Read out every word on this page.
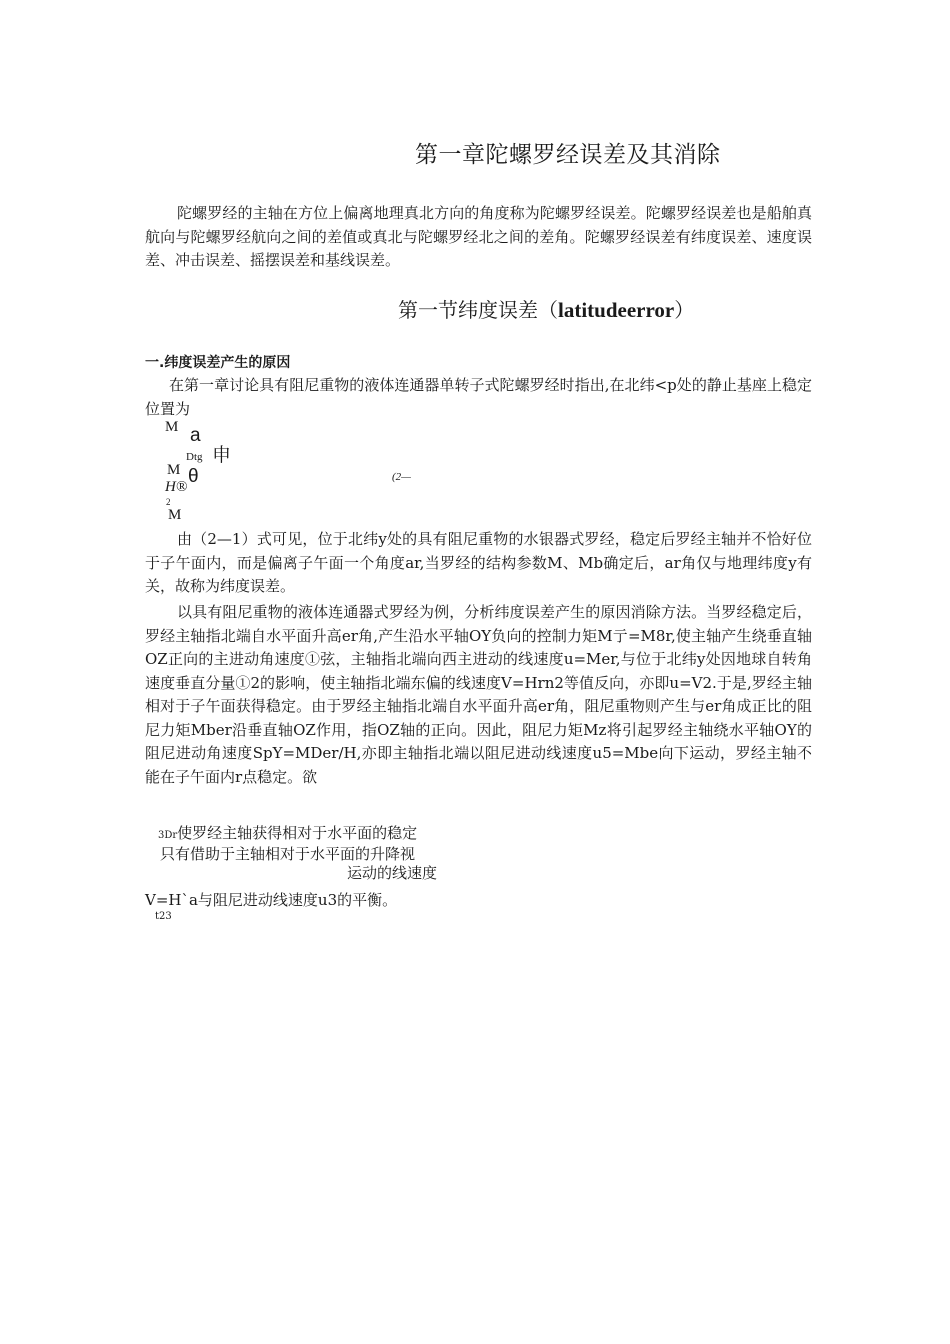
第一章陀螺罗经误差及其消除
陀螺罗经的主轴在方位上偏离地理真北方向的角度称为陀螺罗经误差。陀螺罗经误差也是船舶真航向与陀螺罗经航向之间的差值或真北与陀螺罗经北之间的差角。陀螺罗经误差有纬度误差、速度误差、冲击误差、摇摆误差和基线误差。
第一节纬度误差（latitudeerror）
一.纬度误差产生的原因
在第一章讨论具有阻尼重物的液体连通器单转子式陀螺罗经时指出,在北纬<p处的静止基座上稳定位置为
M a
Dtg 申
M θ
H®
(2—
2
M
由（2—1）式可见，位于北纬y处的具有阻尼重物的水银器式罗经，稳定后罗经主轴并不恰好位于子午面内，而是偏离子午面一个角度ar,当罗经的结构参数M、Mb确定后，ar角仅与地理纬度y有关，故称为纬度误差。
以具有阻尼重物的液体连通器式罗经为例，分析纬度误差产生的原因消除方法。当罗经稳定后，罗经主轴指北端自水平面升高er角,产生沿水平轴OY负向的控制力矩M亍=M8r,使主轴产生绕垂直轴OZ正向的主进动角速度①弦，主轴指北端向西主进动的线速度u=Mer,与位于北纬y处因地球自转角速度垂直分量①2的影响，使主轴指北端东偏的线速度V=Hrn2等值反向，亦即u=V2.于是,罗经主轴相对于子午面获得稳定。由于罗经主轴指北端自水平面升高er角，阻尼重物则产生与er角成正比的阻尼力矩Mber沿垂直轴OZ作用，指OZ轴的正向。因此，阻尼力矩Mz将引起罗经主轴绕水平轴OY的阻尼进动角速度SpY=MDer/H,亦即主轴指北端以阻尼进动线速度u5=Mbe向下运动，罗经主轴不能在子午面内r点稳定。欲
3Dr使罗经主轴获得相对于水平面的稳定
只有借助于主轴相对于水平面的升降视
运动的线速度
V=H`a与阻尼进动线速度u3的平衡。
t23
